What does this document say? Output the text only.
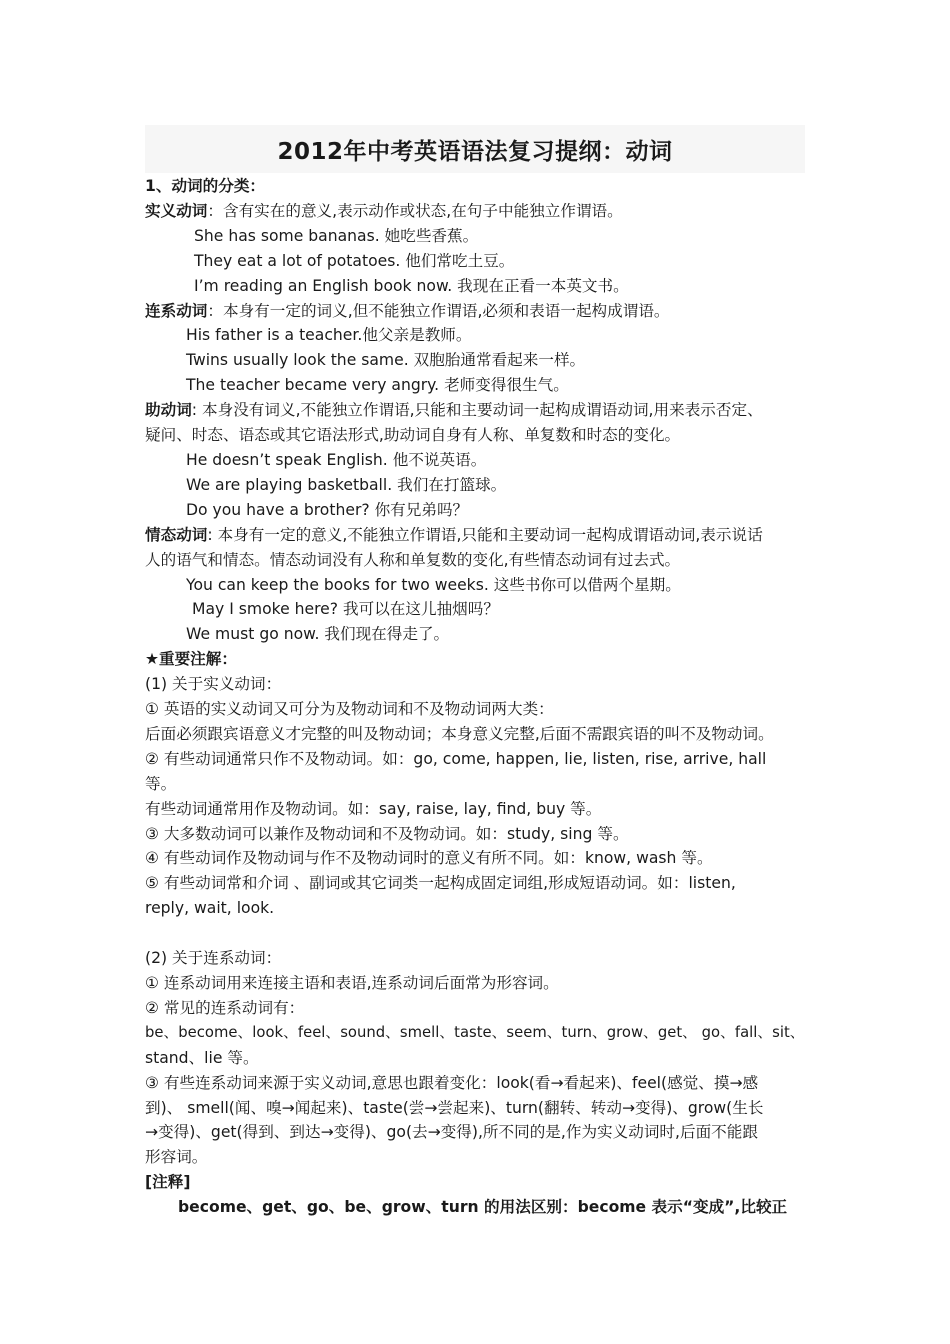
2012年中考英语语法复习提纲：动词
1、动词的分类：
实义动词：含有实在的意义,表示动作或状态,在句子中能独立作谓语。
She has some bananas. 她吃些香蕉。
They eat a lot of potatoes. 他们常吃土豆。
I’m reading an English book now. 我现在正看一本英文书。
连系动词：本身有一定的词义,但不能独立作谓语,必须和表语一起构成谓语。
His father is a teacher.他父亲是教师。
Twins usually look the same. 双胞胎通常看起来一样。
The teacher became very angry. 老师变得很生气。
助动词: 本身没有词义,不能独立作谓语,只能和主要动词一起构成谓语动词,用来表示否定、
疑问、时态、语态或其它语法形式,助动词自身有人称、单复数和时态的变化。
He doesn’t speak English. 他不说英语。
We are playing basketball. 我们在打篮球。
Do you have a brother? 你有兄弟吗？
情态动词: 本身有一定的意义,不能独立作谓语,只能和主要动词一起构成谓语动词,表示说话
人的语气和情态。情态动词没有人称和单复数的变化,有些情态动词有过去式。
You can keep the books for two weeks. 这些书你可以借两个星期。
May I smoke here? 我可以在这儿抽烟吗？
We must go now. 我们现在得走了。
★重要注解：
(1) 关于实义动词：
① 英语的实义动词又可分为及物动词和不及物动词两大类：
后面必须跟宾语意义才完整的叫及物动词；本身意义完整,后面不需跟宾语的叫不及物动词。
② 有些动词通常只作不及物动词。如：go, come, happen, lie, listen, rise, arrive, hall
等。
有些动词通常用作及物动词。如：say, raise, lay, find, buy 等。
③ 大多数动词可以兼作及物动词和不及物动词。如：study, sing 等。
④ 有些动词作及物动词与作不及物动词时的意义有所不同。如：know, wash 等。
⑤ 有些动词常和介词 、副词或其它词类一起构成固定词组,形成短语动词。如：listen,
reply, wait, look.
(2) 关于连系动词：
① 连系动词用来连接主语和表语,连系动词后面常为形容词。
② 常见的连系动词有：
be、become、look、feel、sound、smell、taste、seem、turn、grow、get、 go、fall、sit、
stand、lie 等。
③ 有些连系动词来源于实义动词,意思也跟着变化：look(看→看起来)、feel(感觉、摸→感
到)、 smell(闻、嗅→闻起来)、taste(尝→尝起来)、turn(翻转、转动→变得)、grow(生长
→变得)、get(得到、到达→变得)、go(去→变得),所不同的是,作为实义动词时,后面不能跟
形容词。
[注释]
become、get、go、be、grow、turn 的用法区别：become 表示“变成”,比较正
